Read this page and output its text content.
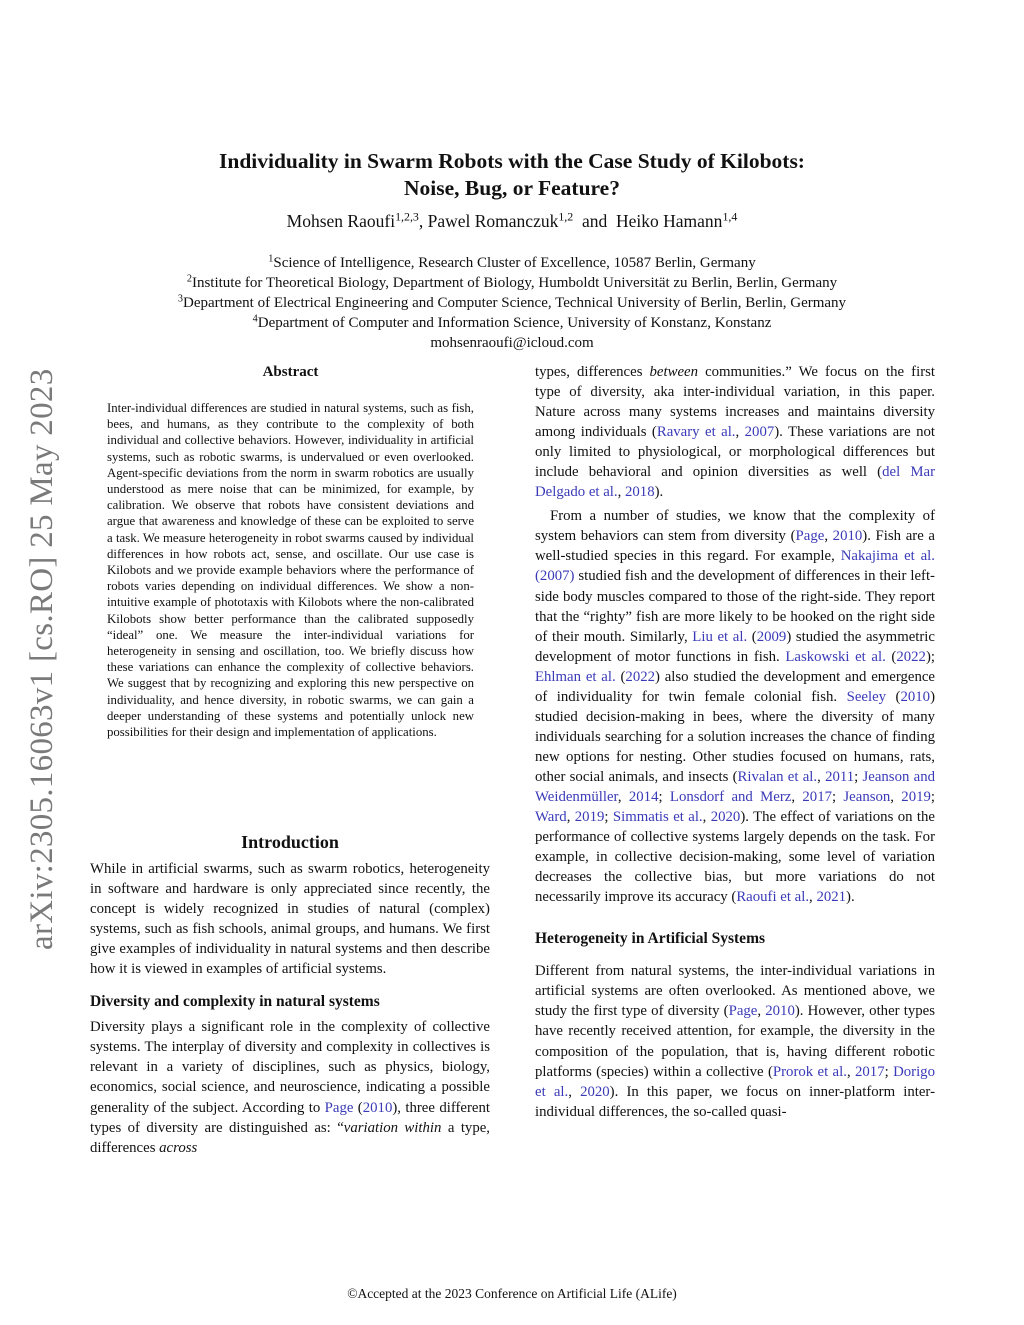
arXiv:2305.16063v1 [cs.RO] 25 May 2023
Individuality in Swarm Robots with the Case Study of Kilobots:
Noise, Bug, or Feature?
Mohsen Raoufi$^{1,2,3}$, Pawel Romanczuk$^{1,2}$  and  Heiko Hamann$^{1,4}$
$^1$Science of Intelligence, Research Cluster of Excellence, 10587 Berlin, Germany
$^2$Institute for Theoretical Biology, Department of Biology, Humboldt Universität zu Berlin, Berlin, Germany
$^3$Department of Electrical Engineering and Computer Science, Technical University of Berlin, Berlin, Germany
$^4$Department of Computer and Information Science, University of Konstanz, Konstanz
mohsenraoufi@icloud.com
Abstract
Inter-individual differences are studied in natural systems, such as fish, bees, and humans, as they contribute to the complexity of both individual and collective behaviors. However, individuality in artificial systems, such as robotic swarms, is undervalued or even overlooked. Agent-specific deviations from the norm in swarm robotics are usually understood as mere noise that can be minimized, for example, by calibration. We observe that robots have consistent deviations and argue that awareness and knowledge of these can be exploited to serve a task. We measure heterogeneity in robot swarms caused by individual differences in how robots act, sense, and oscillate. Our use case is Kilobots and we provide example behaviors where the performance of robots varies depending on individual differences. We show a non-intuitive example of phototaxis with Kilobots where the non-calibrated Kilobots show better performance than the calibrated supposedly “ideal” one. We measure the inter-individual variations for heterogeneity in sensing and oscillation, too. We briefly discuss how these variations can enhance the complexity of collective behaviors. We suggest that by recognizing and exploring this new perspective on individuality, and hence diversity, in robotic swarms, we can gain a deeper understanding of these systems and potentially unlock new possibilities for their design and implementation of applications.
Introduction

While in artificial swarms, such as swarm robotics, heterogeneity in software and hardware is only appreciated since recently, the concept is widely recognized in studies of natural (complex) systems, such as fish schools, animal groups, and humans. We first give examples of individuality in natural systems and then describe how it is viewed in examples of artificial systems.

Diversity and complexity in natural systems

Diversity plays a significant role in the complexity of collective systems. The interplay of diversity and complexity in collectives is relevant in a variety of disciplines, such as physics, biology, economics, social science, and neuroscience, indicating a possible generality of the subject. According to Page (2010), three different types of diversity are distinguished as: “variation within a type, differences across

types, differences between communities.” We focus on the first type of diversity, aka inter-individual variation, in this paper. Nature across many systems increases and maintains diversity among individuals (Ravary et al., 2007). These variations are not only limited to physiological, or morphological differences but include behavioral and opinion diversities as well (del Mar Delgado et al., 2018).

From a number of studies, we know that the complexity of system behaviors can stem from diversity (Page, 2010). Fish are a well-studied species in this regard. For example, Nakajima et al. (2007) studied fish and the development of differences in their left-side body muscles compared to those of the right-side. They report that the “righty” fish are more likely to be hooked on the right side of their mouth. Similarly, Liu et al. (2009) studied the asymmetric development of motor functions in fish. Laskowski et al. (2022); Ehlman et al. (2022) also studied the development and emergence of individuality for twin female colonial fish. Seeley (2010) studied decision-making in bees, where the diversity of many individuals searching for a solution increases the chance of finding new options for nesting. Other studies focused on humans, rats, other social animals, and insects (Rivalan et al., 2011; Jeanson and Weidenmüller, 2014; Lonsdorf and Merz, 2017; Jeanson, 2019; Ward, 2019; Simmatis et al., 2020). The effect of variations on the performance of collective systems largely depends on the task. For example, in collective decision-making, some level of variation decreases the collective bias, but more variations do not necessarily improve its accuracy (Raoufi et al., 2021).

Heterogeneity in Artificial Systems

Different from natural systems, the inter-individual variations in artificial systems are often overlooked. As mentioned above, we study the first type of diversity (Page, 2010). However, other types have recently received attention, for example, the diversity in the composition of the population, that is, having different robotic platforms (species) within a collective (Prorok et al., 2017; Dorigo et al., 2020). In this paper, we focus on inner-platform inter-individual differences, the so-called quasi-

©Accepted at the 2023 Conference on Artificial Life (ALife)
